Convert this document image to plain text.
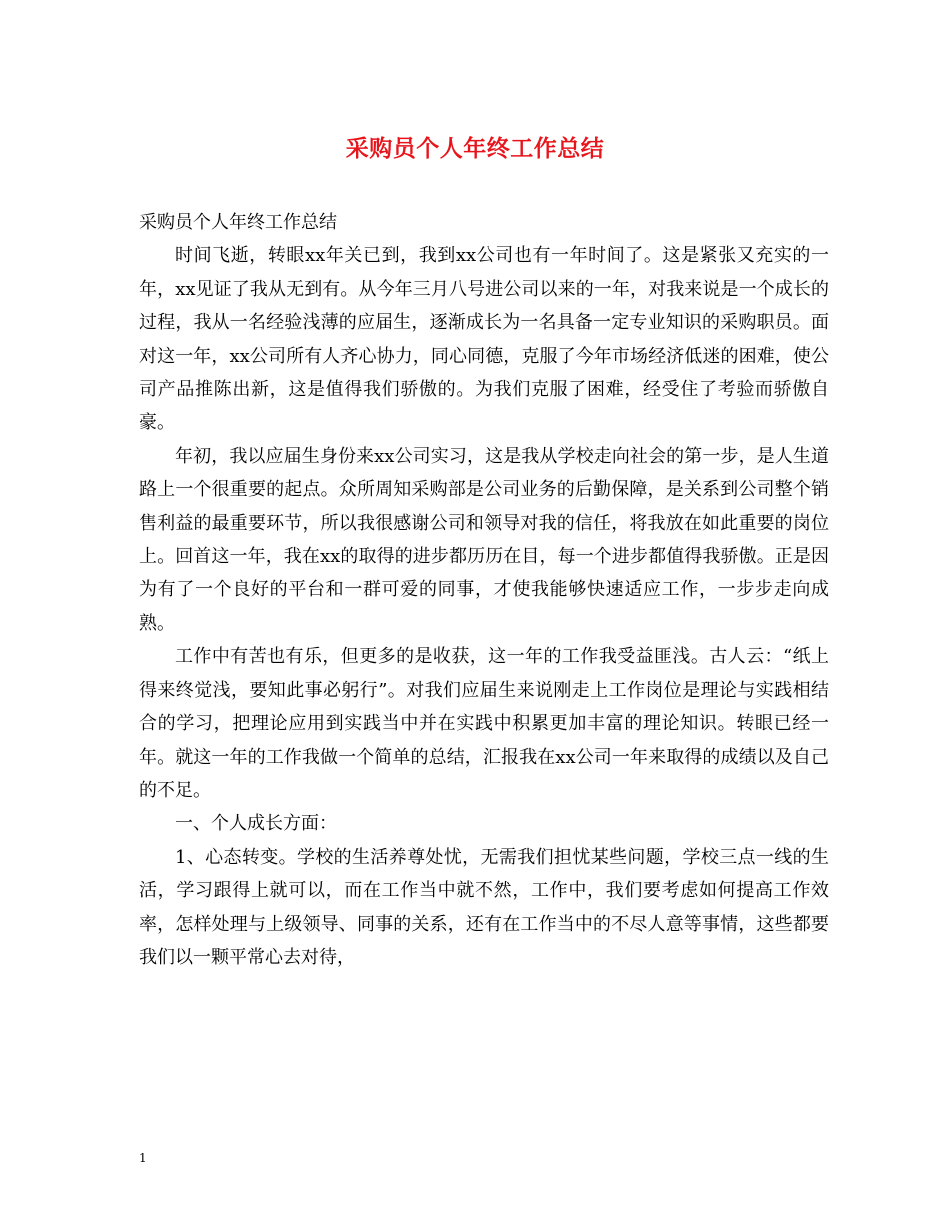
采购员个人年终工作总结

采购员个人年终工作总结

时间飞逝，转眼xx年关已到，我到xx公司也有一年时间了。这是紧张又充实的一年，xx见证了我从无到有。从今年三月八号进公司以来的一年，对我来说是一个成长的过程，我从一名经验浅薄的应届生，逐渐成长为一名具备一定专业知识的采购职员。面对这一年，xx公司所有人齐心协力，同心同德，克服了今年市场经济低迷的困难，使公司产品推陈出新，这是值得我们骄傲的。为我们克服了困难，经受住了考验而骄傲自豪。

年初，我以应届生身份来xx公司实习，这是我从学校走向社会的第一步，是人生道路上一个很重要的起点。众所周知采购部是公司业务的后勤保障，是关系到公司整个销售利益的最重要环节，所以我很感谢公司和领导对我的信任，将我放在如此重要的岗位上。回首这一年，我在xx的取得的进步都历历在目，每一个进步都值得我骄傲。正是因为有了一个良好的平台和一群可爱的同事，才使我能够快速适应工作，一步步走向成熟。

工作中有苦也有乐，但更多的是收获，这一年的工作我受益匪浅。古人云：“纸上得来终觉浅，要知此事必躬行”。对我们应届生来说刚走上工作岗位是理论与实践相结合的学习，把理论应用到实践当中并在实践中积累更加丰富的理论知识。转眼已经一年。就这一年的工作我做一个简单的总结，汇报我在xx公司一年来取得的成绩以及自己的不足。

一、个人成长方面：

1、心态转变。学校的生活养尊处忧，无需我们担忧某些问题，学校三点一线的生活，学习跟得上就可以，而在工作当中就不然，工作中，我们要考虑如何提高工作效率，怎样处理与上级领导、同事的关系，还有在工作当中的不尽人意等事情，这些都要我们以一颗平常心去对待，

1
